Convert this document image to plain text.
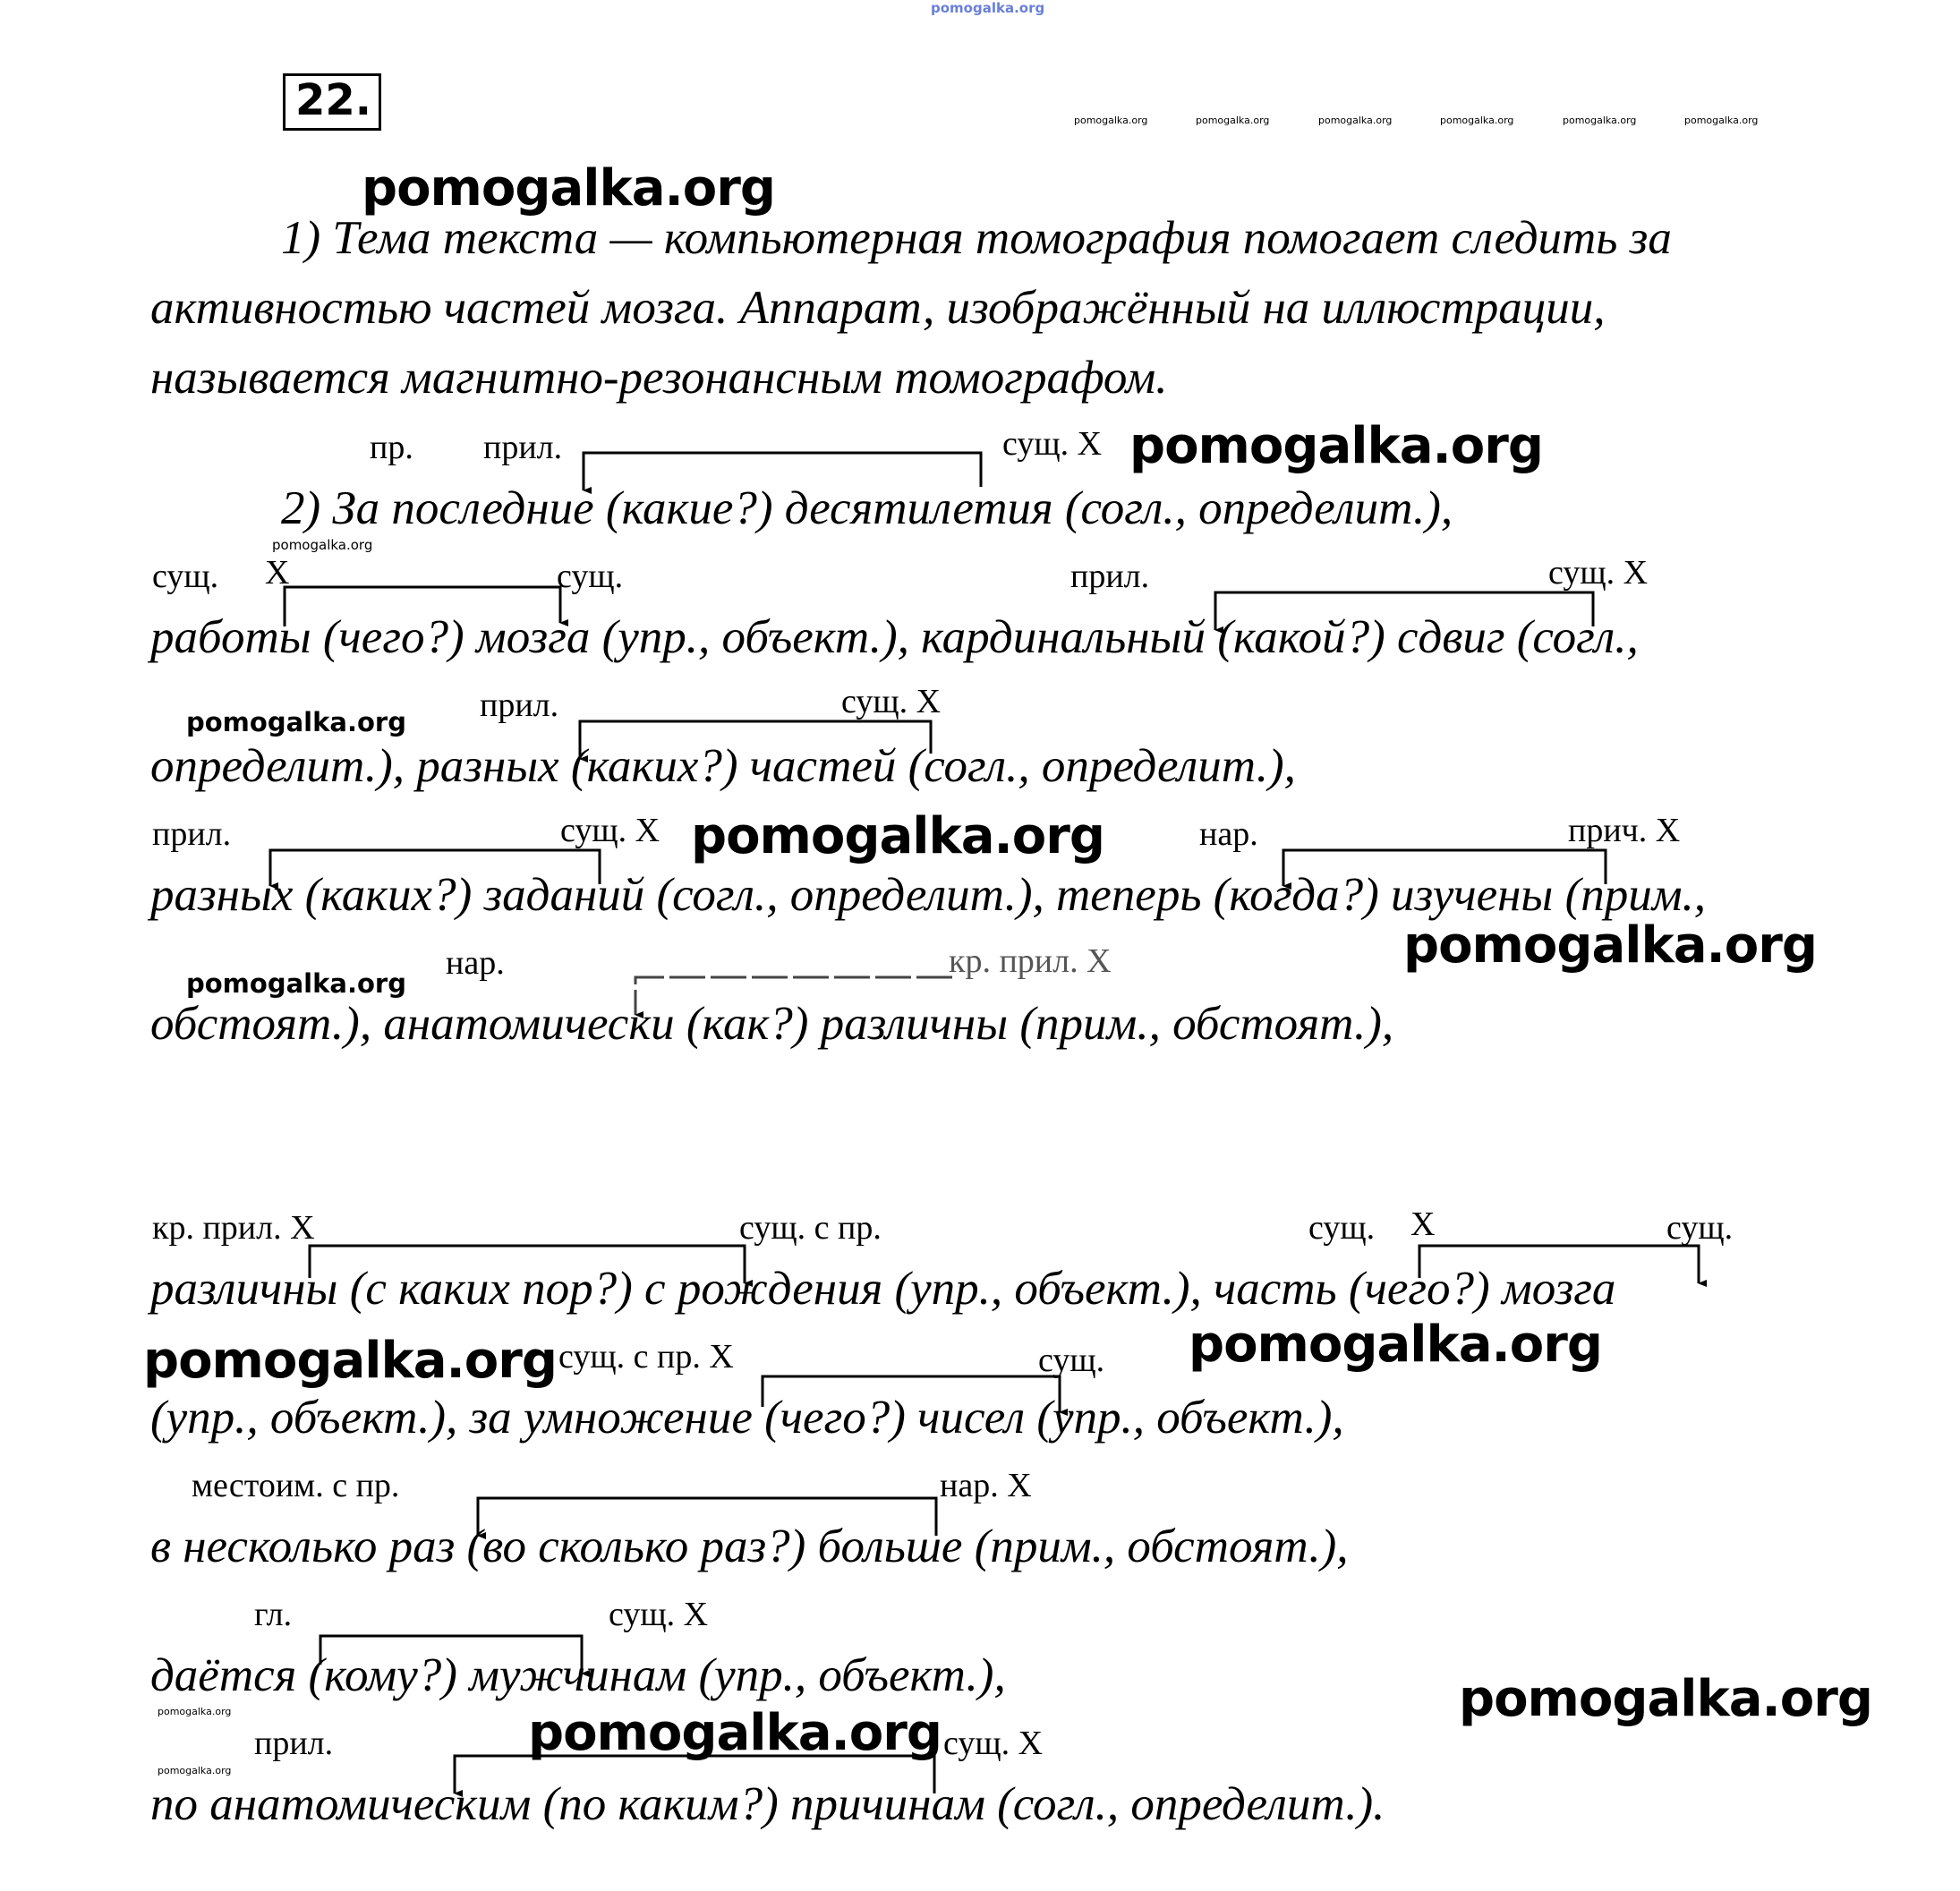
pomogalka.org
pomogalka.org	pomogalka.org	pomogalka.org	pomogalka.org	pomogalka.org	pomogalka.org
22.
1) Тема текста — компьютерная томография помогает следить за
активностью частей мозга. Аппарат, изображённый на иллюстрации,
называется магнитно-резонансным томографом.
2) За последние (какие?) десятилетия (согл., определит.),
работы (чего?) мозга (упр., объект.), кардинальный (какой?) сдвиг (согл.,
определит.), разных (каких?) частей (согл., определит.),
разных (каких?) заданий (согл., определит.), теперь (когда?) изучены (прим.,
обстоят.), анатомически (как?) различны (прим., обстоят.),
различны (с каких пор?) с рождения (упр., объект.), часть (чего?) мозга
(упр., объект.), за умножение (чего?) чисел (упр., объект.),
в несколько раз (во сколько раз?) больше (прим., обстоят.),
даётся (кому?) мужчинам (упр., объект.),
по анатомическим (по каким?) причинам (согл., определит.).
пр. прил.	сущ. X
сущ. X	сущ.	прил.	сущ. X
прил.	сущ. X
прил.	сущ. X	нар.	прич. X
нар.	кр. прил. X
кр. прил. X	сущ. с пр.	сущ. X	сущ.
сущ. с пр. X	сущ.
местоим. с пр.	нар. X
гл.	сущ. X
прил.	сущ. X
pomogalka.org
pomogalka.org
pomogalka.org
pomogalka.org
pomogalka.org
pomogalka.org
pomogalka.org
pomogalka.org	pomogalka.org
pomogalka.org
pomogalka.org
pomogalka.org
pomogalka.org
